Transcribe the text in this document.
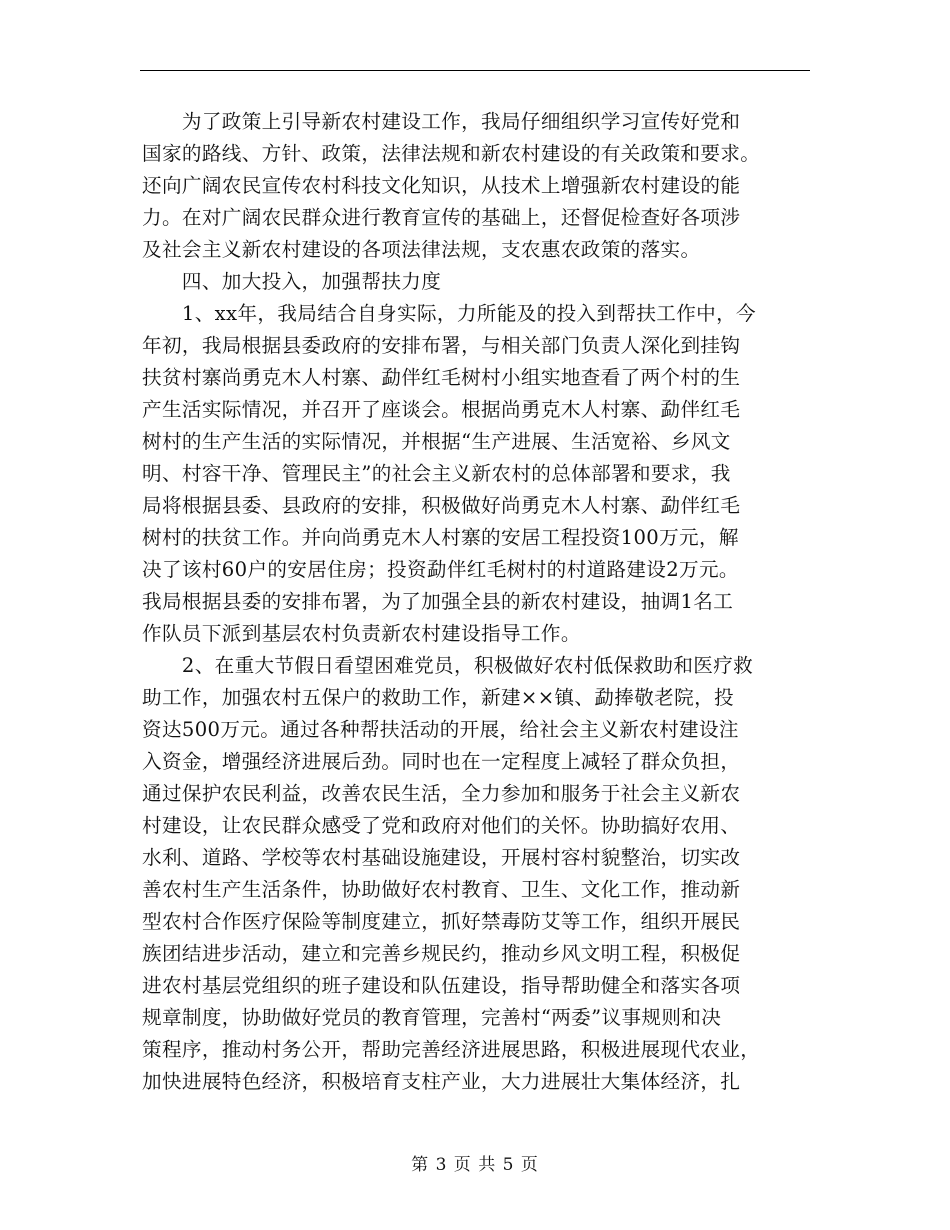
　　为了政策上引导新农村建设工作，我局仔细组织学习宣传好党和
国家的路线、方针、政策，法律法规和新农村建设的有关政策和要求。
还向广阔农民宣传农村科技文化知识，从技术上增强新农村建设的能
力。在对广阔农民群众进行教育宣传的基础上，还督促检查好各项涉
及社会主义新农村建设的各项法律法规，支农惠农政策的落实。
　　四、加大投入，加强帮扶力度
　　1、xx年，我局结合自身实际，力所能及的投入到帮扶工作中，今
年初，我局根据县委政府的安排布署，与相关部门负责人深化到挂钩
扶贫村寨尚勇克木人村寨、勐伴红毛树村小组实地查看了两个村的生
产生活实际情况，并召开了座谈会。根据尚勇克木人村寨、勐伴红毛
树村的生产生活的实际情况，并根据“生产进展、生活宽裕、乡风文
明、村容干净、管理民主”的社会主义新农村的总体部署和要求，我
局将根据县委、县政府的安排，积极做好尚勇克木人村寨、勐伴红毛
树村的扶贫工作。并向尚勇克木人村寨的安居工程投资100万元，解
决了该村60户的安居住房；投资勐伴红毛树村的村道路建设2万元。
我局根据县委的安排布署，为了加强全县的新农村建设，抽调1名工
作队员下派到基层农村负责新农村建设指导工作。
　　2、在重大节假日看望困难党员，积极做好农村低保救助和医疗救
助工作，加强农村五保户的救助工作，新建××镇、勐捧敬老院，投
资达500万元。通过各种帮扶活动的开展，给社会主义新农村建设注
入资金，增强经济进展后劲。同时也在一定程度上减轻了群众负担，
通过保护农民利益，改善农民生活，全力参加和服务于社会主义新农
村建设，让农民群众感受了党和政府对他们的关怀。协助搞好农用、
水利、道路、学校等农村基础设施建设，开展村容村貌整治，切实改
善农村生产生活条件，协助做好农村教育、卫生、文化工作，推动新
型农村合作医疗保险等制度建立，抓好禁毒防艾等工作，组织开展民
族团结进步活动，建立和完善乡规民约，推动乡风文明工程，积极促
进农村基层党组织的班子建设和队伍建设，指导帮助健全和落实各项
规章制度，协助做好党员的教育管理，完善村“两委”议事规则和决
策程序，推动村务公开，帮助完善经济进展思路，积极进展现代农业，
加快进展特色经济，积极培育支柱产业，大力进展壮大集体经济，扎
第 3 页 共 5 页
